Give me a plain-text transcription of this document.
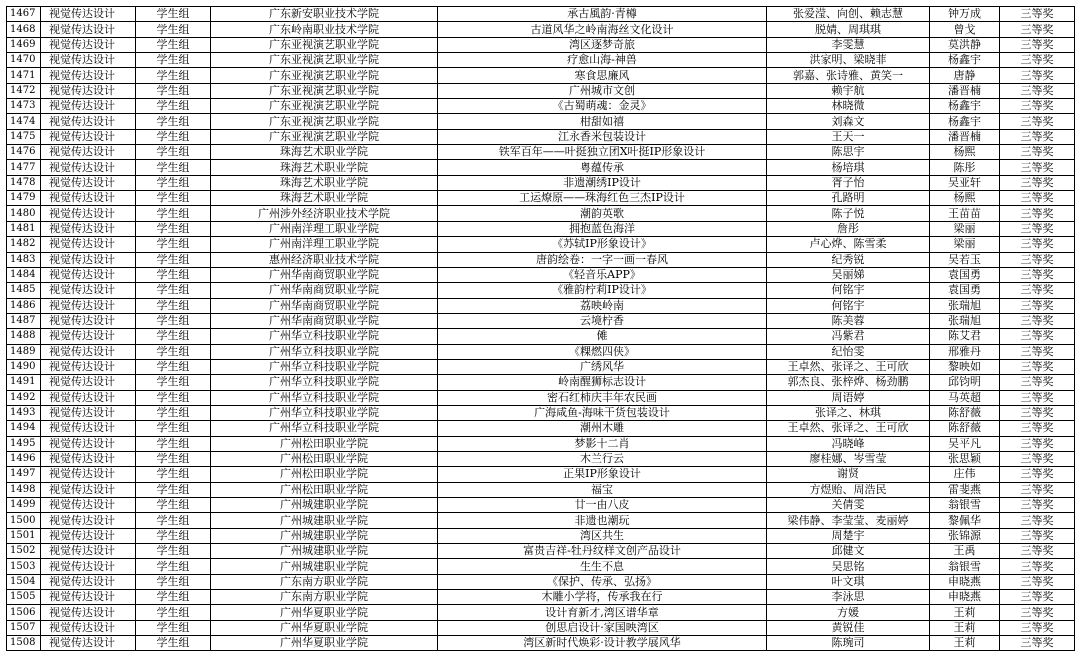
1467	视觉传达设计	学生组	广东新安职业技术学院	承古風韵·青樽	张爱滢、向创、赖志慧	钟万成	三等奖
1468	视觉传达设计	学生组	广东岭南职业技术学院	古道风华之岭南海丝文化设计	脱婧、周琪琪	曾戈	三等奖
1469	视觉传达设计	学生组	广东亚视演艺职业学院	湾区逐梦奇旅	李雯慧	莫洪静	三等奖
1470	视觉传达设计	学生组	广东亚视演艺职业学院	疗愈山海-神兽	洪家明、梁晓菲	杨鑫宇	三等奖
1471	视觉传达设计	学生组	广东亚视演艺职业学院	寒食思廉风	郭嘉、张诗雅、黄笑一	唐静	三等奖
1472	视觉传达设计	学生组	广东亚视演艺职业学院	广州城市文创	赖宇航	潘晋楠	三等奖
1473	视觉传达设计	学生组	广东亚视演艺职业学院	《古蜀萌魂：金灵》	林晓微	杨鑫宇	三等奖
1474	视觉传达设计	学生组	广东亚视演艺职业学院	柑甜如禧	刘森文	杨鑫宇	三等奖
1475	视觉传达设计	学生组	广东亚视演艺职业学院	江永香米包装设计	王天一	潘晋楠	三等奖
1476	视觉传达设计	学生组	珠海艺术职业学院	铁军百年——叶挺独立团X叶挺IP形象设计	陈思宇	杨熙	三等奖
1477	视觉传达设计	学生组	珠海艺术职业学院	粤蕴传承	杨培琪	陈彤	三等奖
1478	视觉传达设计	学生组	珠海艺术职业学院	非遗潮绣IP设计	胥子怡	吴亚轩	三等奖
1479	视觉传达设计	学生组	珠海艺术职业学院	工运燎原——珠海红色三杰IP设计	孔路明	杨熙	三等奖
1480	视觉传达设计	学生组	广州涉外经济职业技术学院	潮韵英歌	陈子悦	王苗苗	三等奖
1481	视觉传达设计	学生组	广州南洋理工职业学院	拥抱蓝色海洋	詹彤	梁丽	三等奖
1482	视觉传达设计	学生组	广州南洋理工职业学院	《苏轼IP形象设计》	卢心烨、陈雪柔	梁丽	三等奖
1483	视觉传达设计	学生组	惠州经济职业技术学院	唐韵绘卷：一字一画一春风	纪秀锐	吴若玉	三等奖
1484	视觉传达设计	学生组	广州华南商贸职业学院	《轻音乐APP》	吴丽娣	袁国勇	三等奖
1485	视觉传达设计	学生组	广州华南商贸职业学院	《雅韵柠莉IP设计》	何铭宇	袁国勇	三等奖
1486	视觉传达设计	学生组	广州华南商贸职业学院	荔映岭南	何铭宇	张瑞旭	三等奖
1487	视觉传达设计	学生组	广州华南商贸职业学院	云境柠香	陈美蓉	张瑞旭	三等奖
1488	视觉传达设计	学生组	广州华立科技职业学院	傩	冯紫君	陈艾君	三等奖
1489	视觉传达设计	学生组	广州华立科技职业学院	《粿燃四侠》	纪怡雯	邢雅丹	三等奖
1490	视觉传达设计	学生组	广州华立科技职业学院	广绣风华	王卓然、张译之、王可欣	黎映如	三等奖
1491	视觉传达设计	学生组	广州华立科技职业学院	岭南醒狮标志设计	郭杰良、张梓烨、杨劲鹏	邱钧明	三等奖
1492	视觉传达设计	学生组	广州华立科技职业学院	密石红柿庆丰年农民画	周语婷	马英超	三等奖
1493	视觉传达设计	学生组	广州华立科技职业学院	广海咸鱼-海味干货包装设计	张译之、林琪	陈舒薇	三等奖
1494	视觉传达设计	学生组	广州华立科技职业学院	潮州木雕	王卓然、张译之、王可欣	陈舒薇	三等奖
1495	视觉传达设计	学生组	广州松田职业学院	梦影十二肖	冯晓峰	吴平凡	三等奖
1496	视觉传达设计	学生组	广州松田职业学院	木兰行云	廖桂娜、岑雪莹	张思颖	三等奖
1497	视觉传达设计	学生组	广州松田职业学院	正果IP形象设计	谢贤	庄伟	三等奖
1498	视觉传达设计	学生组	广州松田职业学院	福宝	方煜贻、周浩民	雷斐燕	三等奖
1499	视觉传达设计	学生组	广州城建职业学院	廿一由八皮	关倩雯	翁银雪	三等奖
1500	视觉传达设计	学生组	广州城建职业学院	非遗也潮玩	梁伟静、李莹莹、麦丽婷	黎佩华	三等奖
1501	视觉传达设计	学生组	广州城建职业学院	湾区共生	周楚宇	张锦源	三等奖
1502	视觉传达设计	学生组	广州城建职业学院	富贵吉祥-牡丹纹样文创产品设计	邱健文	王禹	三等奖
1503	视觉传达设计	学生组	广州城建职业学院	生生不息	吴思铭	翁银雪	三等奖
1504	视觉传达设计	学生组	广东南方职业学院	《保护、传承、弘扬》	叶文琪	申晓燕	三等奖
1505	视觉传达设计	学生组	广东南方职业学院	木雕小学将，传承我在行	李泳思	申晓燕	三等奖
1506	视觉传达设计	学生组	广州华夏职业学院	设计育新才,湾区谱华章	方媛	王莉	三等奖
1507	视觉传达设计	学生组	广州华夏职业学院	创思启设计·家国映湾区	黄锐佳	王莉	三等奖
1508	视觉传达设计	学生组	广州华夏职业学院	湾区新时代焕彩·设计教学展风华	陈琬司	王莉	三等奖
